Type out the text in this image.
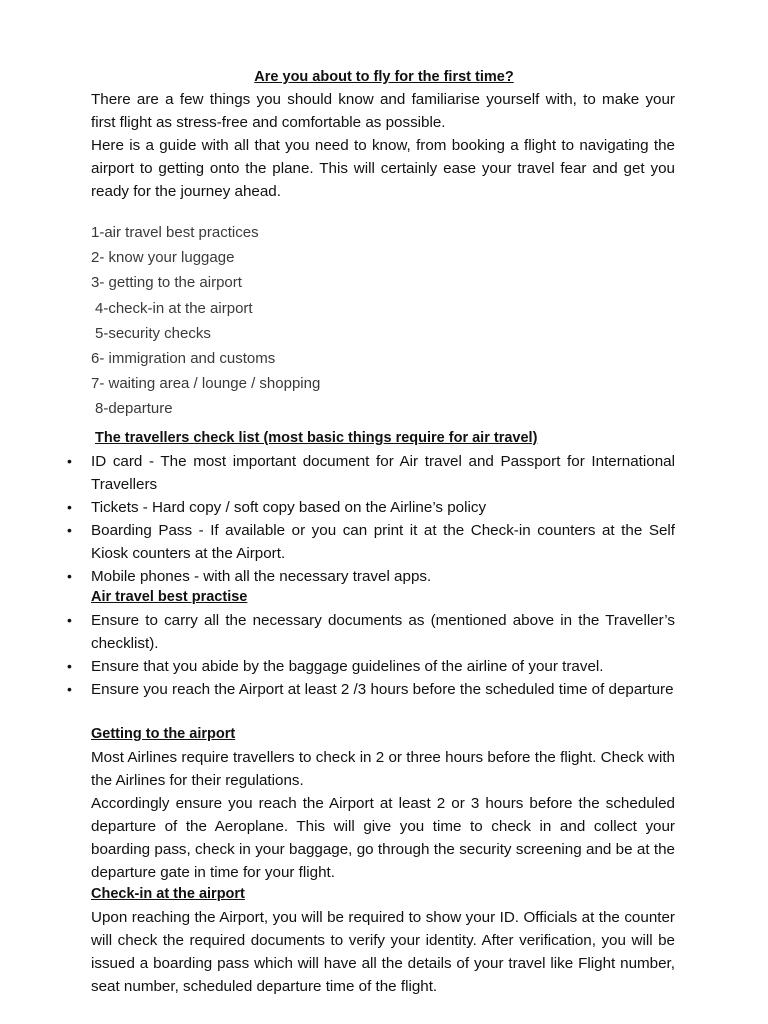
Are you about to fly for the first time?

There are a few things you should know and familiarise yourself with, to make your first flight as stress-free and comfortable as possible.

Here is a guide with all that you need to know, from booking a flight to navigating the airport to getting onto the plane. This will certainly ease your travel fear and get you ready for the journey ahead.

1-air travel best practices
2- know your luggage
3- getting to the airport
4-check-in at the airport
5-security checks
6- immigration and customs
7- waiting area / lounge / shopping
8-departure
The travellers check list (most basic things require for air travel)
• ID card - The most important document for Air travel and Passport for International Travellers
• Tickets - Hard copy / soft copy based on the Airline’s policy
• Boarding Pass - If available or you can print it at the Check-in counters at the Self Kiosk counters at the Airport.
• Mobile phones - with all the necessary travel apps.
Air travel best practise
• Ensure to carry all the necessary documents as (mentioned above in the Traveller’s checklist).
• Ensure that you abide by the baggage guidelines of the airline of your travel.
• Ensure you reach the Airport at least 2 /3 hours before the scheduled time of departure
Getting to the airport

Most Airlines require travellers to check in 2 or three hours before the flight. Check with the Airlines for their regulations.

Accordingly ensure you reach the Airport at least 2 or 3 hours before the scheduled departure of the Aeroplane. This will give you time to check in and collect your boarding pass, check in your baggage, go through the security screening and be at the departure gate in time for your flight.

Check-in at the airport

Upon reaching the Airport, you will be required to show your ID. Officials at the counter will check the required documents to verify your identity. After verification, you will be issued a boarding pass which will have all the details of your travel like Flight number, seat number, scheduled departure time of the flight.
